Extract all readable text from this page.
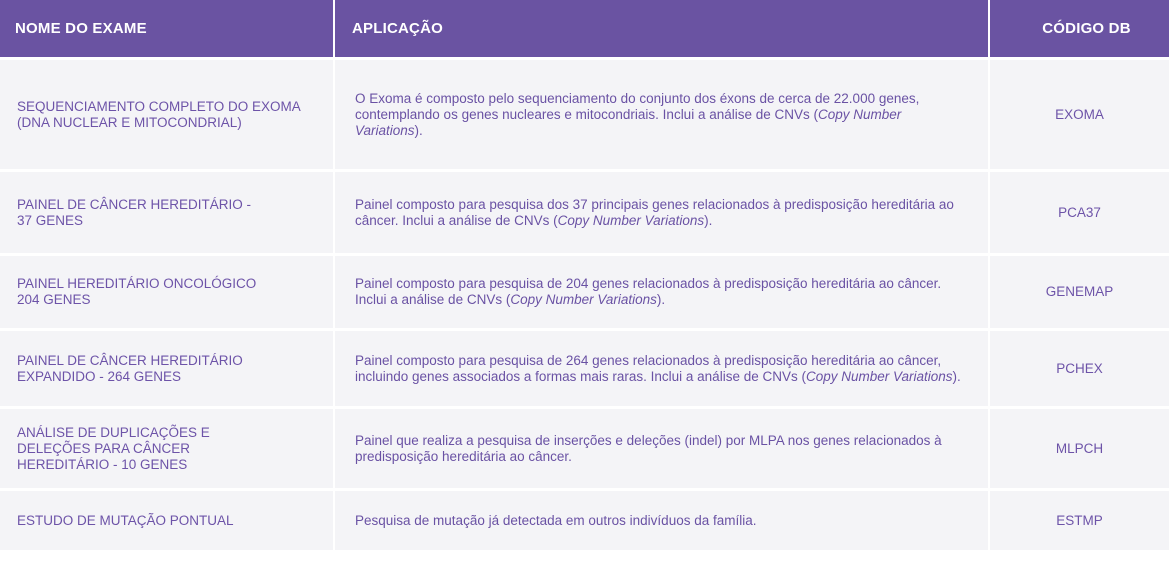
NOME DO EXAME	APLICAÇÃO	CÓDIGO DB

SEQUENCIAMENTO COMPLETO DO EXOMA
(DNA NUCLEAR E MITOCONDRIAL)	O Exoma é composto pelo sequenciamento do conjunto dos éxons de cerca de 22.000 genes, contemplando os genes nucleares e mitocondriais. Inclui a análise de CNVs (Copy Number Variations).	EXOMA

PAINEL DE CÂNCER HEREDITÁRIO -
37 GENES	Painel composto para pesquisa dos 37 principais genes relacionados à predisposição hereditária ao câncer. Inclui a análise de CNVs (Copy Number Variations).	PCA37

PAINEL HEREDITÁRIO ONCOLÓGICO
204 GENES	Painel composto para pesquisa de 204 genes relacionados à predisposição hereditária ao câncer. Inclui a análise de CNVs (Copy Number Variations).	GENEMAP

PAINEL DE CÂNCER HEREDITÁRIO
EXPANDIDO - 264 GENES	Painel composto para pesquisa de 264 genes relacionados à predisposição hereditária ao câncer, incluindo genes associados a formas mais raras. Inclui a análise de CNVs (Copy Number Variations).	PCHEX

ANÁLISE DE DUPLICAÇÕES E
DELEÇÕES PARA CÂNCER
HEREDITÁRIO - 10 GENES	Painel que realiza a pesquisa de inserções e deleções (indel) por MLPA nos genes relacionados à predisposição hereditária ao câncer.	MLPCH

ESTUDO DE MUTAÇÃO PONTUAL	Pesquisa de mutação já detectada em outros indivíduos da família.	ESTMP
